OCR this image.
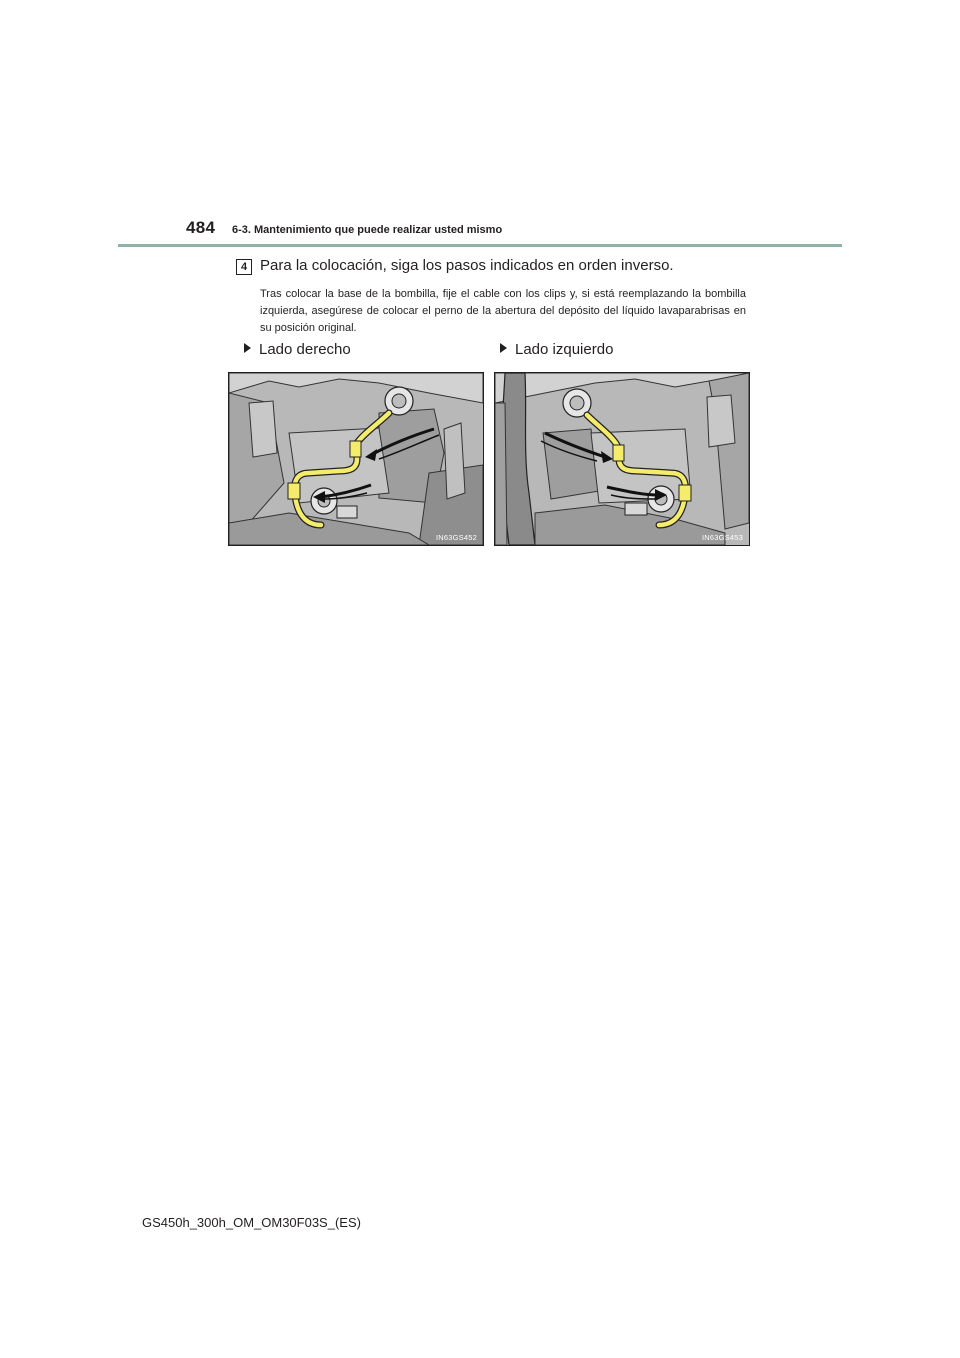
484 6-3. Mantenimiento que puede realizar usted mismo
4 Para la colocación, siga los pasos indicados en orden inverso.
Tras colocar la base de la bombilla, fije el cable con los clips y, si está reemplazando la bombilla izquierda, asegúrese de colocar el perno de la abertura del depósito del líquido lavaparabrisas en su posición original.
Lado derecho
IN63GS452
Lado izquierdo
IN63GS453
GS450h_300h_OM_OM30F03S_(ES)
